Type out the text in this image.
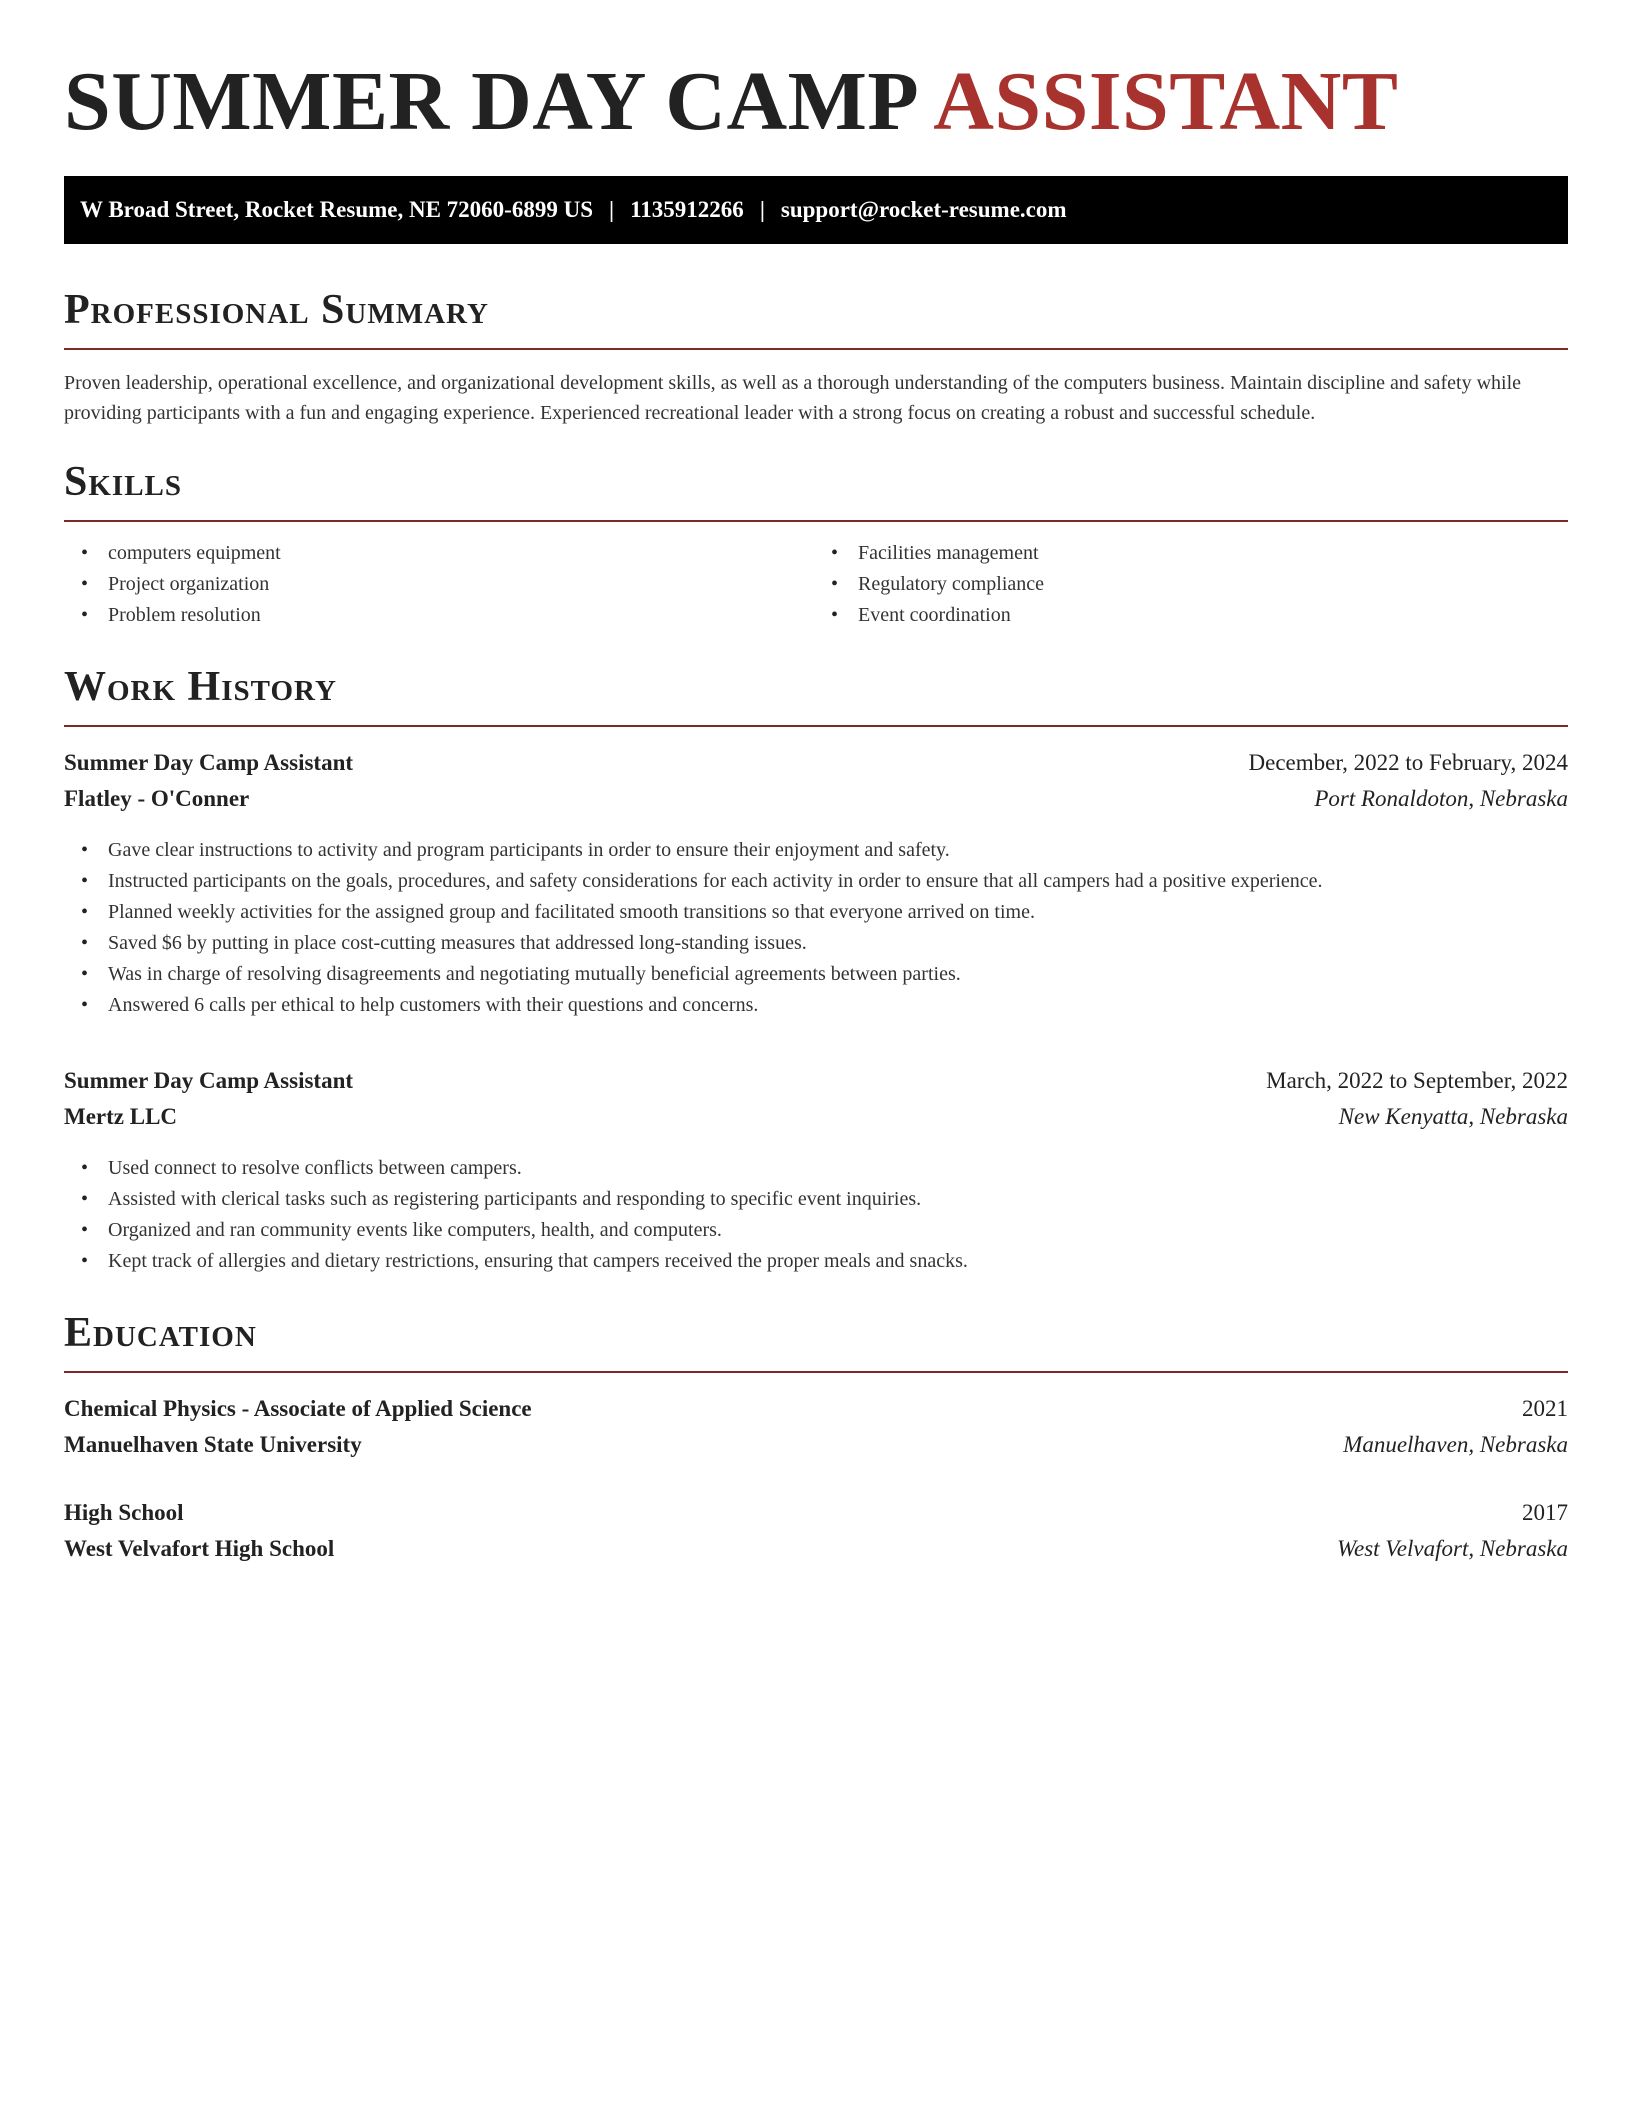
SUMMER DAY CAMP ASSISTANT
W Broad Street, Rocket Resume, NE 72060-6899 US | 1135912266 | support@rocket-resume.com
Professional Summary

Proven leadership, operational excellence, and organizational development skills, as well as a thorough understanding of the computers business. Maintain discipline and safety while providing participants with a fun and engaging experience. Experienced recreational leader with a strong focus on creating a robust and successful schedule.

Skills
• computers equipment
• Project organization
• Problem resolution
• Facilities management
• Regulatory compliance
• Event coordination
Work History
Summer Day Camp Assistant	December, 2022 to February, 2024
Flatley - O'Conner	Port Ronaldoton, Nebraska
• Gave clear instructions to activity and program participants in order to ensure their enjoyment and safety.
• Instructed participants on the goals, procedures, and safety considerations for each activity in order to ensure that all campers had a positive experience.
• Planned weekly activities for the assigned group and facilitated smooth transitions so that everyone arrived on time.
• Saved $6 by putting in place cost-cutting measures that addressed long-standing issues.
• Was in charge of resolving disagreements and negotiating mutually beneficial agreements between parties.
• Answered 6 calls per ethical to help customers with their questions and concerns.
Summer Day Camp Assistant	March, 2022 to September, 2022
Mertz LLC	New Kenyatta, Nebraska
• Used connect to resolve conflicts between campers.
• Assisted with clerical tasks such as registering participants and responding to specific event inquiries.
• Organized and ran community events like computers, health, and computers.
• Kept track of allergies and dietary restrictions, ensuring that campers received the proper meals and snacks.
Education
Chemical Physics - Associate of Applied Science	2021
Manuelhaven State University	Manuelhaven, Nebraska
High School	2017
West Velvafort High School	West Velvafort, Nebraska
